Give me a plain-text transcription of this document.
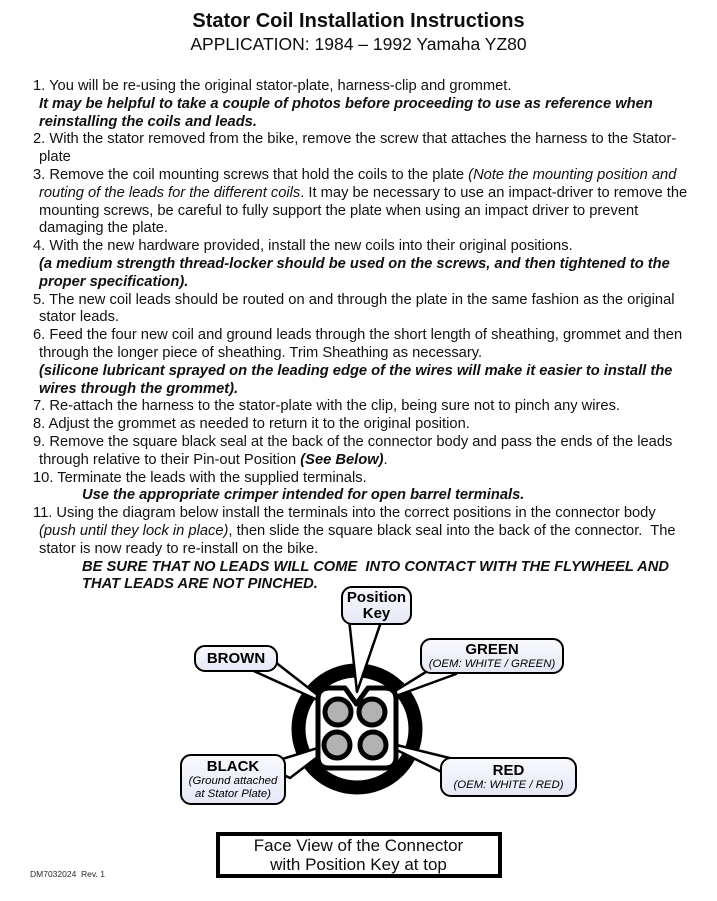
Stator Coil Installation Instructions
APPLICATION: 1984 – 1992 Yamaha YZ80
1. You will be re-using the original stator-plate, harness-clip and grommet.
It may be helpful to take a couple of photos before proceeding to use as reference when reinstalling the coils and leads.
2. With the stator removed from the bike, remove the screw that attaches the harness to the Stator-plate
3. Remove the coil mounting screws that hold the coils to the plate (Note the mounting position and routing of the leads for the different coils. It may be necessary to use an impact-driver to remove the mounting screws, be careful to fully support the plate when using an impact driver to prevent  damaging the plate.
4. With the new hardware provided, install the new coils into their original positions.
(a medium strength thread-locker should be used on the screws, and then tightened to the proper specification).
5. The new coil leads should be routed on and through the plate in the same fashion as the original stator leads.
6. Feed the four new coil and ground leads through the short length of sheathing, grommet and then through the longer piece of sheathing. Trim Sheathing as necessary.
(silicone lubricant sprayed on the leading edge of the wires will make it easier to install the wires through the grommet).
7. Re-attach the harness to the stator-plate with the clip, being sure not to pinch any wires.
8. Adjust the grommet as needed to return it to the original position.
9. Remove the square black seal at the back of the connector body and pass the ends of the leads through relative to their Pin-out Position (See Below).
10. Terminate the leads with the supplied terminals.
Use the appropriate crimper intended for open barrel terminals.
11. Using the diagram below install the terminals into the correct positions in the connector body (push until they lock in place), then slide the square black seal into the back of the connector.  The stator is now ready to re-install on the bike.
BE SURE THAT NO LEADS WILL COME  INTO CONTACT WITH THE FLYWHEEL AND THAT LEADS ARE NOT PINCHED.
Position
Key
BROWN
GREEN
(OEM: WHITE / GREEN)
BLACK
(Ground attached
at Stator Plate)
RED
(OEM: WHITE / RED)
Face View of the Connector
with Position Key at top
DM7032024  Rev. 1
